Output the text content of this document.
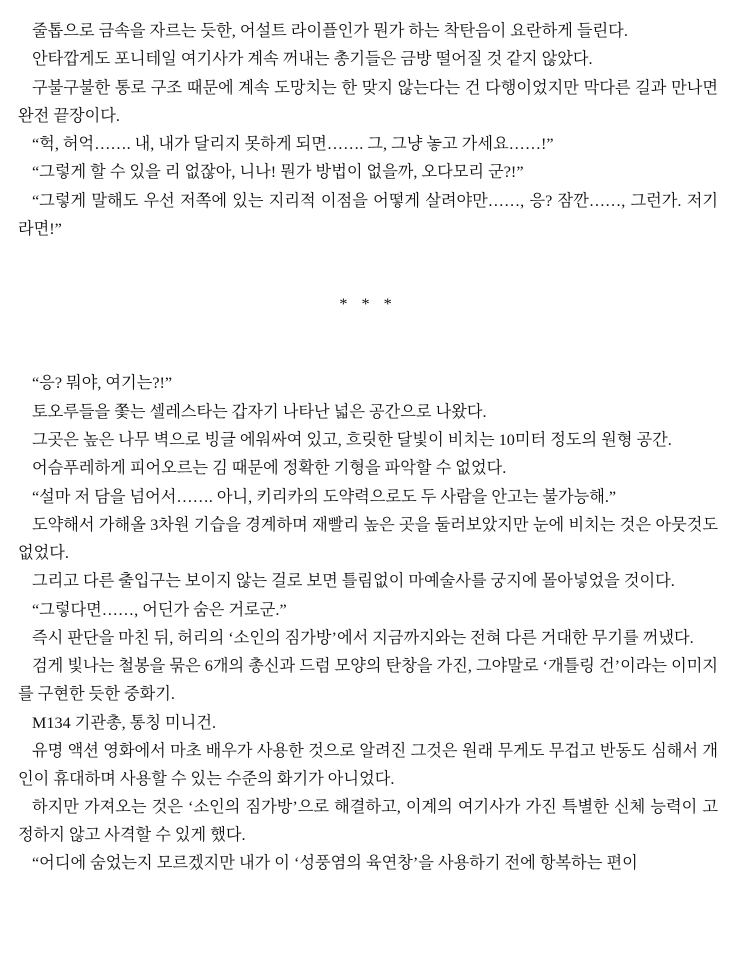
줄톱으로 금속을 자르는 듯한, 어설트 라이플인가 뭔가 하는 착탄음이 요란하게 들린다.

안타깝게도 포니테일 여기사가 계속 꺼내는 총기들은 금방 떨어질 것 같지 않았다.

구불구불한 통로 구조 때문에 계속 도망치는 한 맞지 않는다는 건 다행이었지만 막다른 길과 만나면 완전 끝장이다.

“헉, 허억……. 내, 내가 달리지 못하게 되면……. 그, 그냥 놓고 가세요……!”

“그렇게 할 수 있을 리 없잖아, 니나! 뭔가 방법이 없을까, 오다모리 군?!”

“그렇게 말해도 우선 저쪽에 있는 지리적 이점을 어떻게 살려야만……, 응? 잠깐……, 그런가. 저기라면!”

* * *

“응? 뭐야, 여기는?!”

토오루들을 쫓는 셀레스타는 갑자기 나타난 넓은 공간으로 나왔다.

그곳은 높은 나무 벽으로 빙글 에워싸여 있고, 흐릿한 달빛이 비치는 10미터 정도의 원형 공간.

어슴푸레하게 피어오르는 김 때문에 정확한 기형을 파악할 수 없었다.

“설마 저 담을 넘어서……. 아니, 키리카의 도약력으로도 두 사람을 안고는 불가능해.”

도약해서 가해올 3차원 기습을 경계하며 재빨리 높은 곳을 둘러보았지만 눈에 비치는 것은 아뭇것도 없었다.

그리고 다른 출입구는 보이지 않는 걸로 보면 틀림없이 마예술사를 궁지에 몰아넣었을 것이다.

“그렇다면……, 어딘가 숨은 거로군.”

즉시 판단을 마친 뒤, 허리의 ‘소인의 짐가방’에서 지금까지와는 전혀 다른 거대한 무기를 꺼냈다.

검게 빛나는 철봉을 묶은 6개의 총신과 드럼 모양의 탄창을 가진, 그야말로 ‘개틀링 건’이라는 이미지를 구현한 듯한 중화기.

M134 기관총, 통칭 미니건.

유명 액션 영화에서 마초 배우가 사용한 것으로 알려진 그것은 원래 무게도 무겁고 반동도 심해서 개인이 휴대하며 사용할 수 있는 수준의 화기가 아니었다.

하지만 가져오는 것은 ‘소인의 짐가방’으로 해결하고, 이계의 여기사가 가진 특별한 신체 능력이 고정하지 않고 사격할 수 있게 했다.

“어디에 숨었는지 모르겠지만 내가 이 ‘성풍염의 육연창’을 사용하기 전에 항복하는 편이
